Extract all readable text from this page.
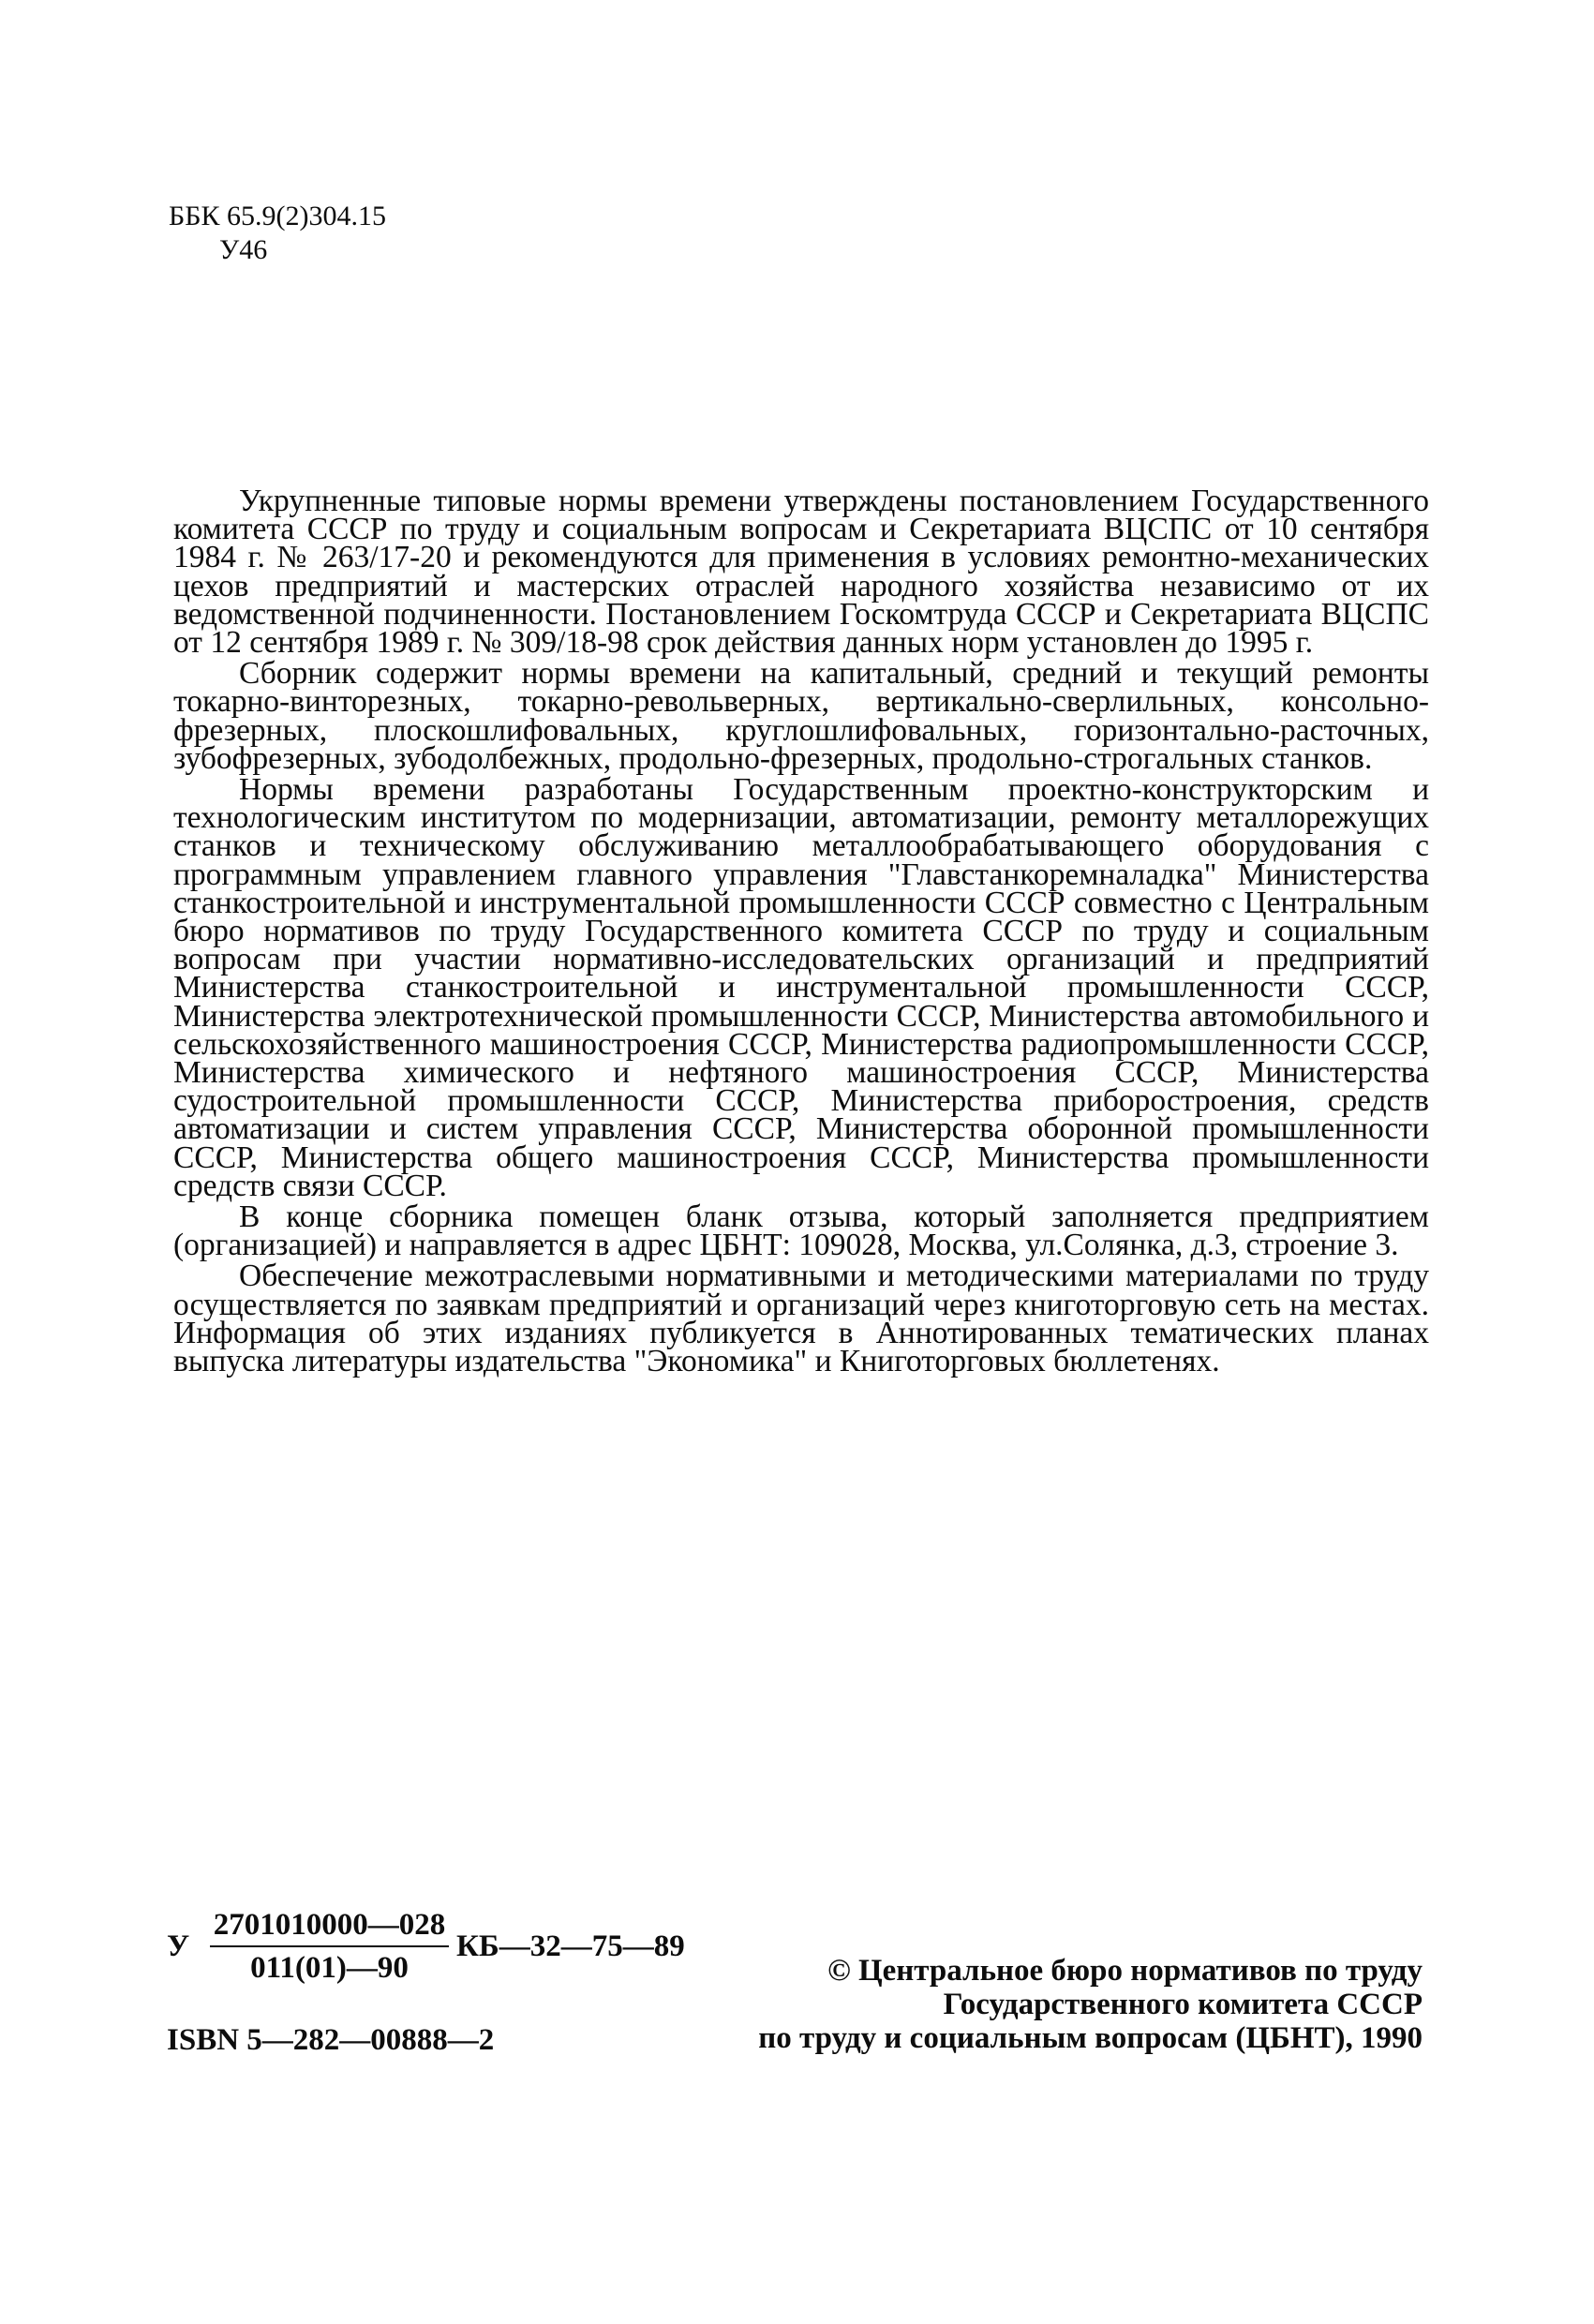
ББК 65.9(2)304.15
У46

Укрупненные типовые нормы времени утверждены постановлением Государственного комитета СССР по труду и социальным вопросам и Секретариата ВЦСПС от 10 сентября 1984 г. № 263/17-20 и рекомендуются для применения в условиях ремонтно-механических цехов предприятий и мастерских отраслей народного хозяйства независимо от их ведомственной подчиненности. Постановлением Госкомтруда СССР и Секретариата ВЦСПС от 12 сентября 1989 г. № 309/18-98 срок действия данных норм установлен до 1995 г.

Сборник содержит нормы времени на капитальный, средний и текущий ремонты токарно-винторезных, токарно-револьверных, вертикально-сверлильных, консольно-фрезерных, плоскошлифовальных, круглошлифовальных, горизонтально-расточных, зубофрезерных, зубодолбежных, продольно-фрезерных, продольно-строгальных станков.

Нормы времени разработаны Государственным проектно-конструкторским и технологическим институтом по модернизации, автоматизации, ремонту металлорежущих станков и техническому обслуживанию металлообрабатывающего оборудования с программным управлением главного управления "Главстанкоремналадка" Министерства станкостроительной и инструментальной промышленности СССР совместно с Центральным бюро нормативов по труду Государственного комитета СССР по труду и социальным вопросам при участии нормативно-исследовательских организаций и предприятий Министерства станкостроительной и инструментальной промышленности СССР, Министерства электротехнической промышленности СССР, Министерства автомобильного и сельскохозяйственного машиностроения СССР, Министерства радиопромышленности СССР, Министерства химического и нефтяного машиностроения СССР, Министерства судостроительной промышленности СССР, Министерства приборостроения, средств автоматизации и систем управления СССР, Министерства оборонной промышленности СССР, Министерства общего машиностроения СССР, Министерства промышленности средств связи СССР.

В конце сборника помещен бланк отзыва, который заполняется предприятием (организацией) и направляется в адрес ЦБНТ: 109028, Москва, ул.Солянка, д.3, строение 3.

Обеспечение межотраслевыми нормативными и методическими материалами по труду осуществляется по заявкам предприятий и организаций через книготорговую сеть на местах. Информация об этих изданиях публикуется в Аннотированных тематических планах выпуска литературы издательства "Экономика" и Книготорговых бюллетенях.

У $\frac{2701010000—028}{011(01)—90}$ КБ—32—75—89
ISBN 5—282—00888—2
© Центральное бюро нормативов по труду
Государственного комитета СССР
по труду и социальным вопросам (ЦБНТ), 1990
